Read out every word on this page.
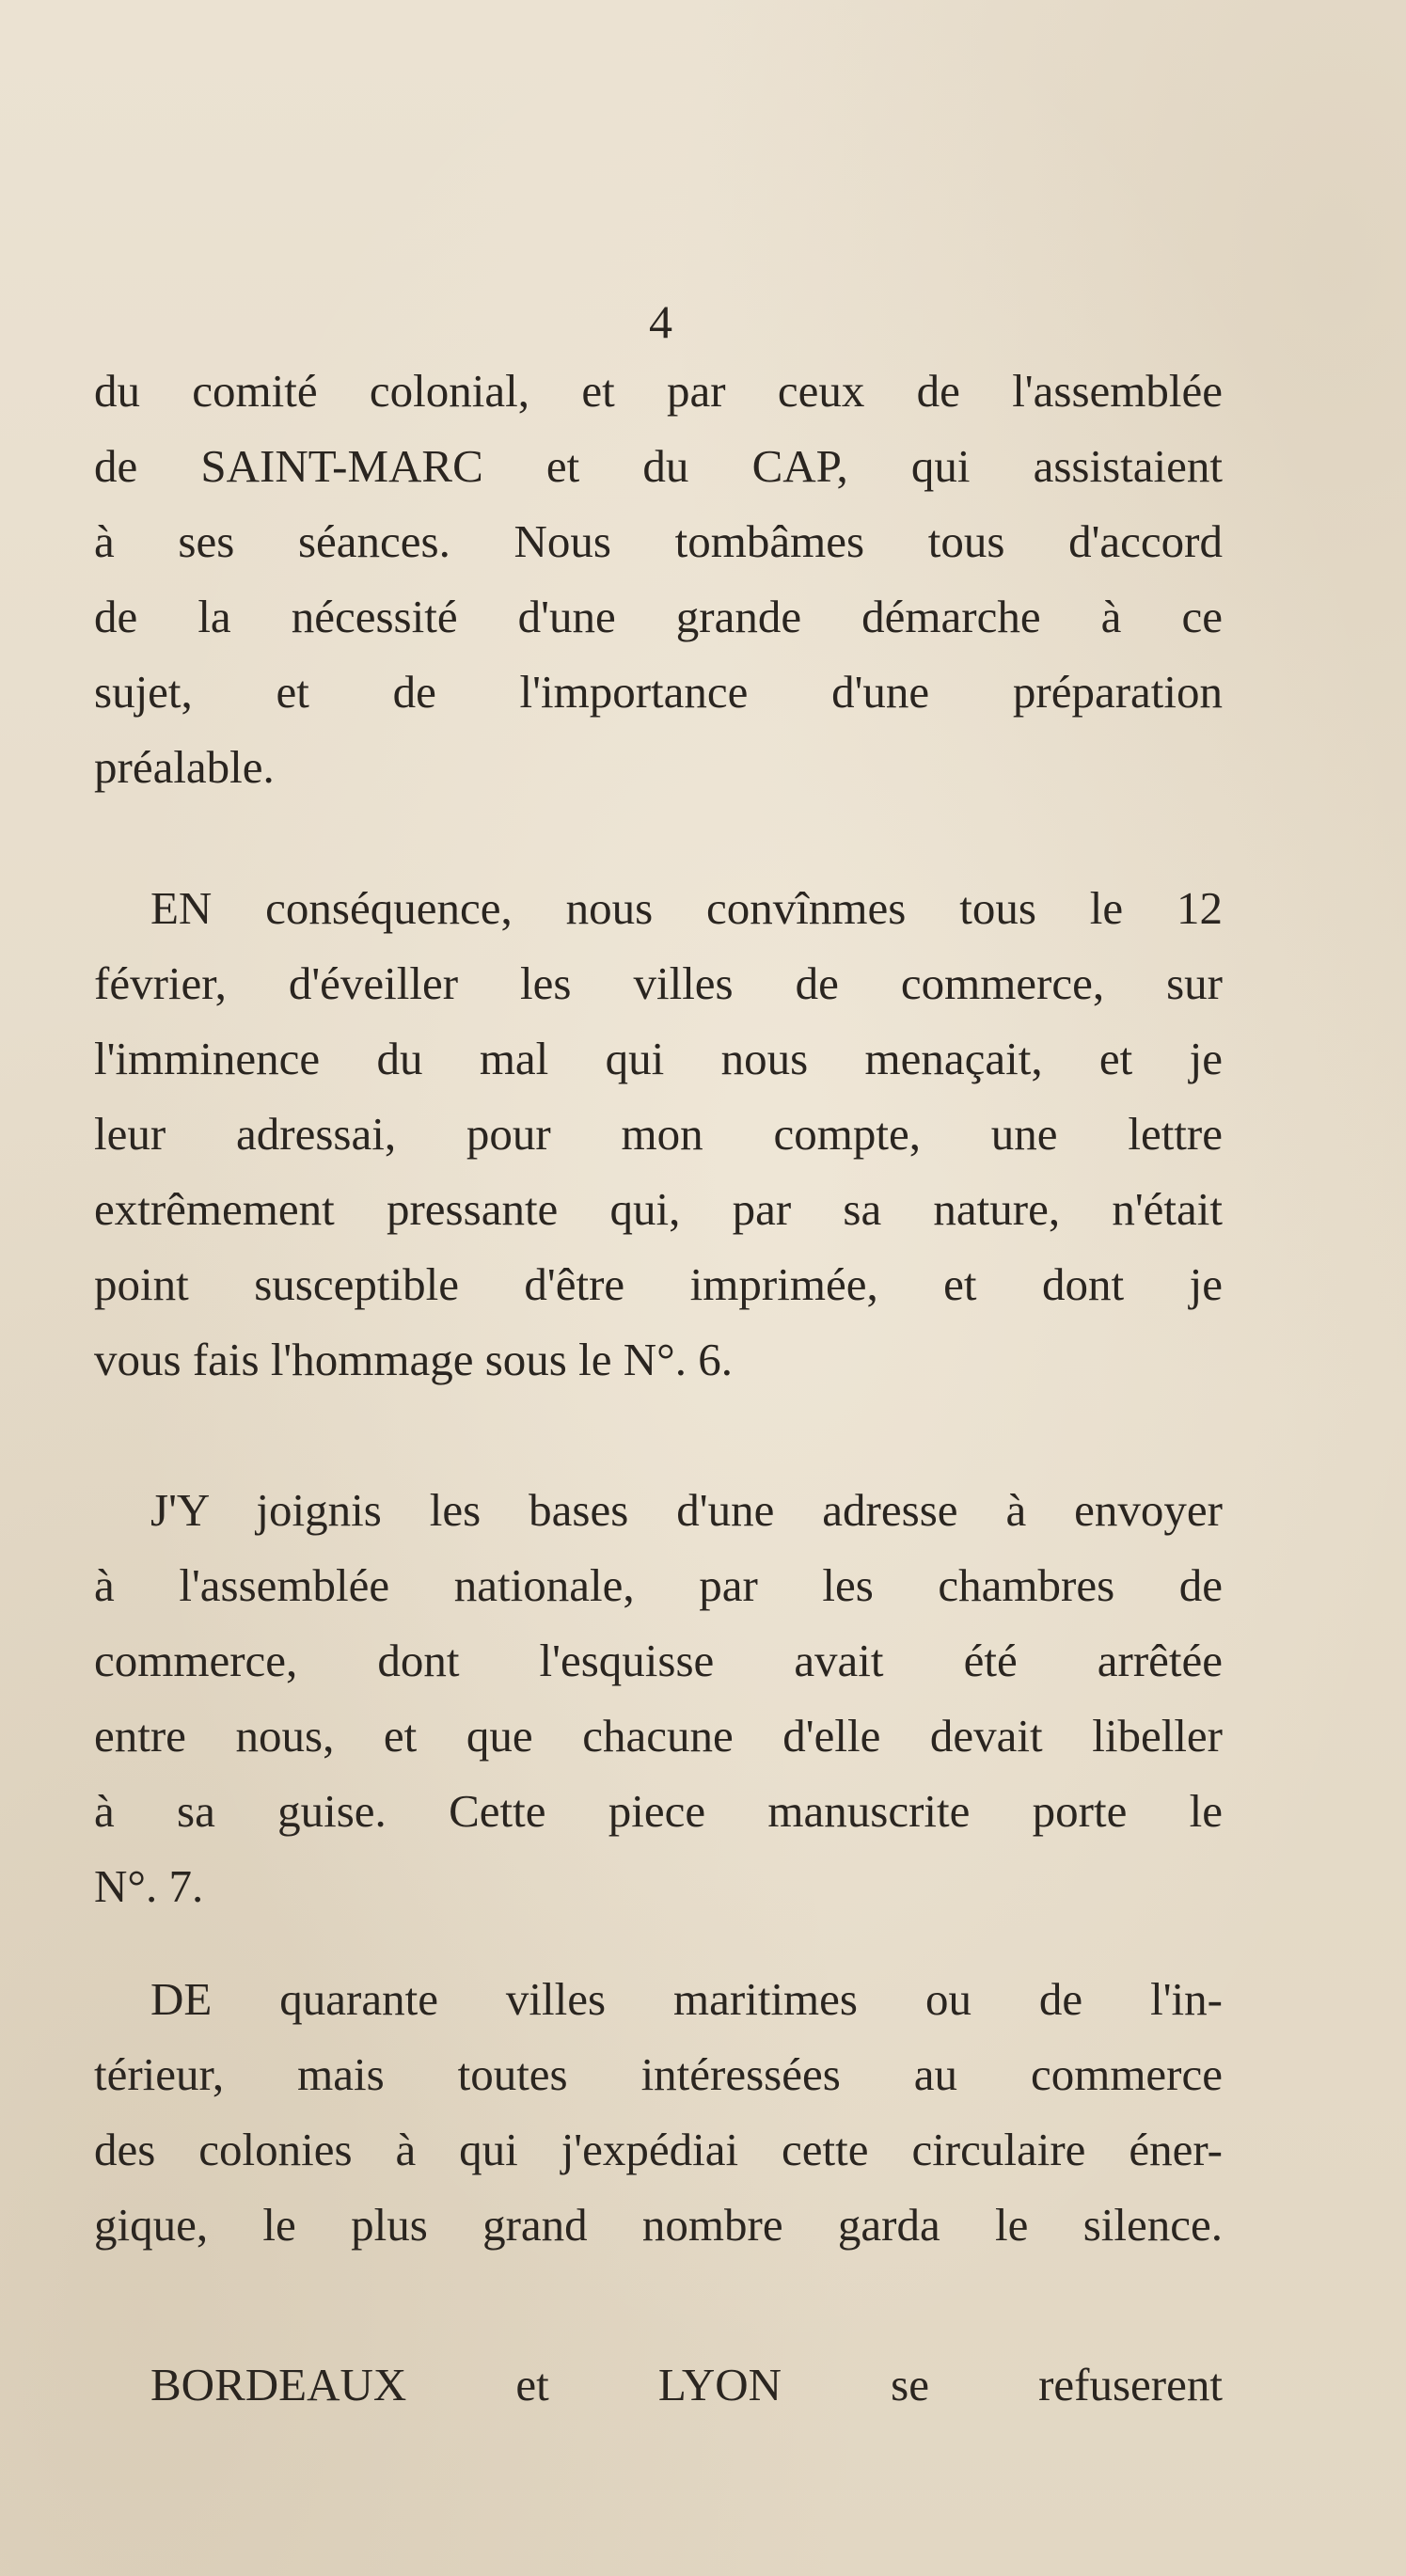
4
du comité colonial, et par ceux de l'assemblée
de SAINT-MARC et du CAP, qui assistaient
à ses séances. Nous tombâmes tous d'accord
de la nécessité d'une grande démarche à ce
sujet, et de l'importance d'une préparation
préalable.
EN conséquence, nous convînmes tous le 12
février, d'éveiller les villes de commerce, sur
l'imminence du mal qui nous menaçait, et je
leur adressai, pour mon compte, une lettre
extrêmement pressante qui, par sa nature, n'était
point susceptible d'être imprimée, et dont je
vous fais l'hommage sous le N°. 6.
J'Y joignis les bases d'une adresse à envoyer
à l'assemblée nationale, par les chambres de
commerce, dont l'esquisse avait été arrêtée
entre nous, et que chacune d'elle devait libeller
à sa guise. Cette piece manuscrite porte le
N°. 7.
DE quarante villes maritimes ou de l'in-
térieur, mais toutes intéressées au commerce
des colonies à qui j'expédiai cette circulaire éner-
gique, le plus grand nombre garda le silence.
BORDEAUX et LYON se refuserent
